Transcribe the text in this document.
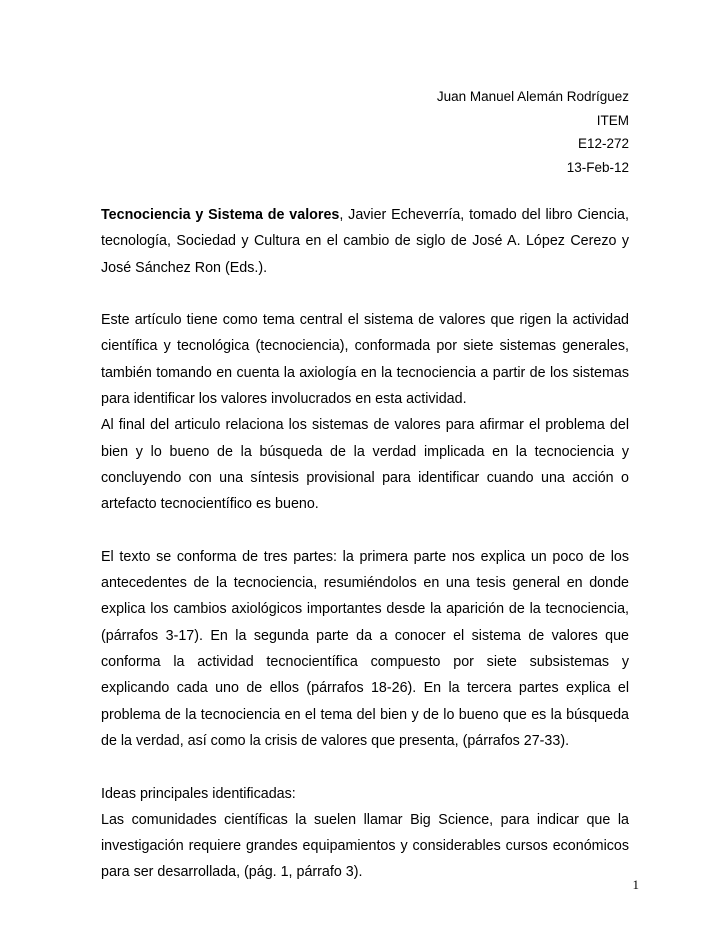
Juan Manuel Alemán Rodríguez
ITEM
E12-272
13-Feb-12

Tecnociencia y Sistema de valores, Javier Echeverría, tomado del libro Ciencia, tecnología, Sociedad y Cultura en el cambio de siglo de José A. López Cerezo y José Sánchez Ron (Eds.).

Este artículo tiene como tema central el sistema de valores que rigen la actividad científica y tecnológica (tecnociencia), conformada por siete sistemas generales, también tomando en cuenta la axiología en la tecnociencia a partir de los sistemas para identificar los valores involucrados en esta actividad.

Al final del articulo relaciona los sistemas de valores para afirmar el problema del bien y lo bueno de la búsqueda de la verdad implicada en la tecnociencia y concluyendo con una síntesis provisional para identificar cuando una acción o artefacto tecnocientífico es bueno.

El texto se conforma de tres partes: la primera parte nos explica un poco de los antecedentes de la tecnociencia, resumiéndolos en una tesis general en donde explica los cambios axiológicos importantes desde la aparición de la tecnociencia, (párrafos 3-17). En la segunda parte da a conocer el sistema de valores que conforma la actividad tecnocientífica compuesto por siete subsistemas y explicando cada uno de ellos (párrafos 18-26). En la tercera partes explica el problema de la tecnociencia en el tema del bien y de lo bueno que es la búsqueda de la verdad, así como la crisis de valores que presenta, (párrafos 27-33).

Ideas principales identificadas:

Las comunidades científicas la suelen llamar Big Science, para indicar que la investigación requiere grandes equipamientos y considerables cursos económicos para ser desarrollada, (pág. 1, párrafo 3).

1
